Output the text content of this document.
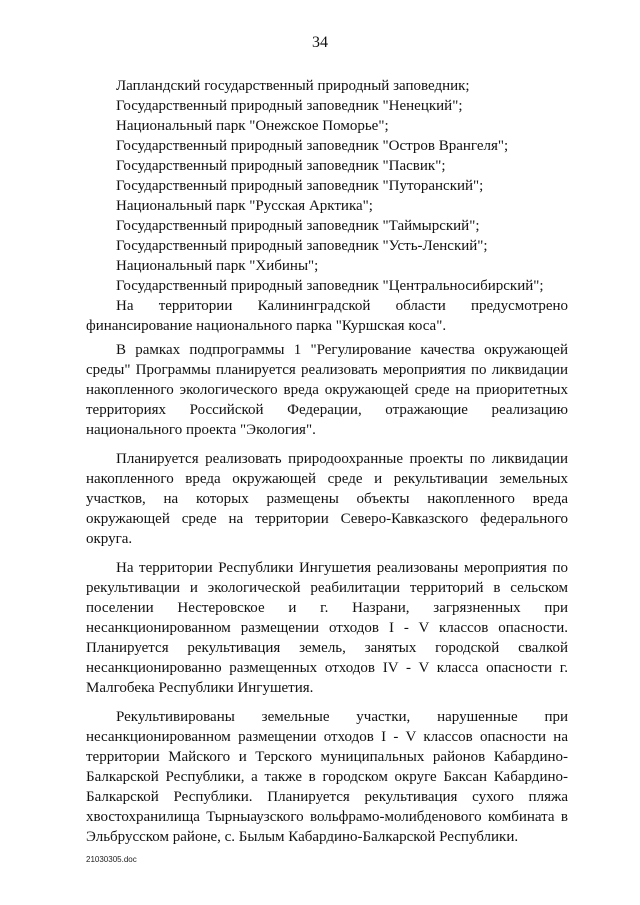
34

Лапландский государственный природный заповедник;

Государственный природный заповедник "Ненецкий";

Национальный парк "Онежское Поморье";

Государственный природный заповедник "Остров Врангеля";

Государственный природный заповедник "Пасвик";

Государственный природный заповедник "Путоранский";

Национальный парк "Русская Арктика";

Государственный природный заповедник "Таймырский";

Государственный природный заповедник "Усть-Ленский";

Национальный парк "Хибины";

Государственный природный заповедник "Центральносибирский";

На территории Калининградской области предусмотрено финансирование национального парка "Куршская коса".

В рамках подпрограммы 1 "Регулирование качества окружающей среды" Программы планируется реализовать мероприятия по ликвидации накопленного экологического вреда окружающей среде на приоритетных территориях Российской Федерации, отражающие реализацию национального проекта "Экология".

Планируется реализовать природоохранные проекты по ликвидации накопленного вреда окружающей среде и рекультивации земельных участков, на которых размещены объекты накопленного вреда окружающей среде на территории Северо-Кавказского федерального округа.

На территории Республики Ингушетия реализованы мероприятия по рекультивации и экологической реабилитации территорий в сельском поселении Нестеровское и г. Назрани, загрязненных при несанкционированном размещении отходов I - V классов опасности. Планируется рекультивация земель, занятых городской свалкой несанкционированно размещенных отходов IV - V класса опасности г. Малгобека Республики Ингушетия.

Рекультивированы земельные участки, нарушенные при несанкционированном размещении отходов I - V классов опасности на территории Майского и Терского муниципальных районов Кабардино-Балкарской Республики, а также в городском округе Баксан Кабардино-Балкарской Республики. Планируется рекультивация сухого пляжа хвостохранилища Тырныаузского вольфрамо-молибденового комбината в Эльбрусском районе, с. Былым Кабардино-Балкарской Республики.

21030305.doc
